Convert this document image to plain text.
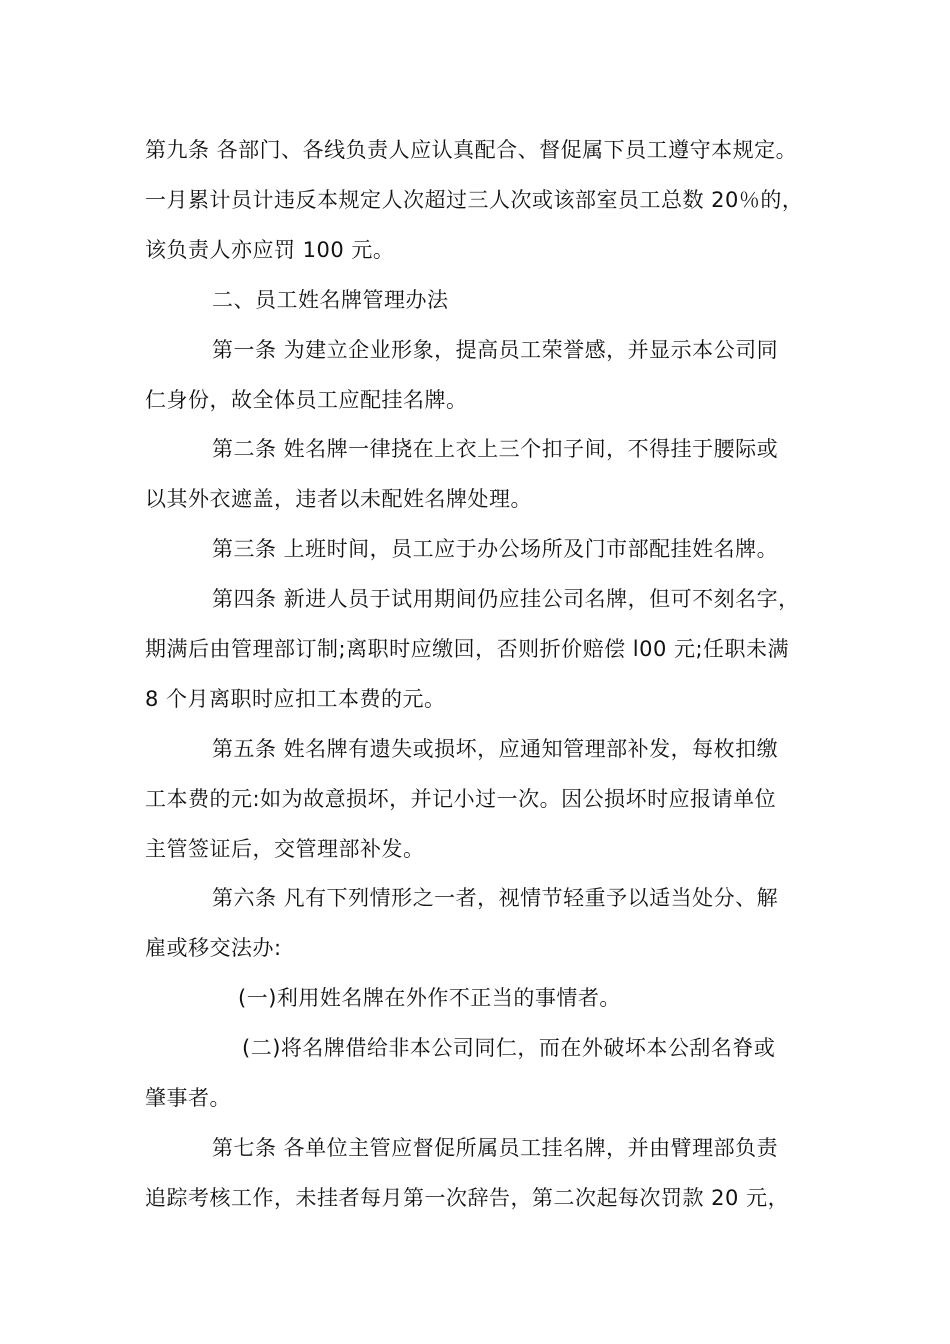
第九条 各部门、各线负责人应认真配合、督促属下员工遵守本规定。
一月累计员计违反本规定人次超过三人次或该部室员工总数 20％的，
该负责人亦应罚 100 元。
二、员工姓名牌管理办法
第一条 为建立企业形象，提高员工荣誉感，并显示本公司同
仁身份，故全体员工应配挂名牌。
第二条 姓名牌一律挠在上衣上三个扣子间，不得挂于腰际或
以其外衣遮盖，违者以未配姓名牌处理。
第三条 上班时间，员工应于办公场所及门市部配挂姓名牌。
第四条 新进人员于试用期间仍应挂公司名牌，但可不刻名字，
期满后由管理部订制;离职时应缴回，否则折价赔偿 l00 元;任职未满
8 个月离职时应扣工本费的元。
第五条 姓名牌有遗失或损坏，应通知管理部补发，每枚扣缴
工本费的元:如为故意损坏，并记小过一次。因公损坏时应报请单位
主管签证后，交管理部补发。
第六条 凡有下列情形之一者，视情节轻重予以适当处分、解
雇或移交法办:
(一)利用姓名牌在外作不正当的事情者。
(二)将名牌借给非本公司同仁，而在外破坏本公刮名脊或
肇事者。
第七条 各单位主管应督促所属员工挂名牌，并由臂理部负责
追踪考核工作，未挂者每月第一次辞告，第二次起每次罚款 20 元，
